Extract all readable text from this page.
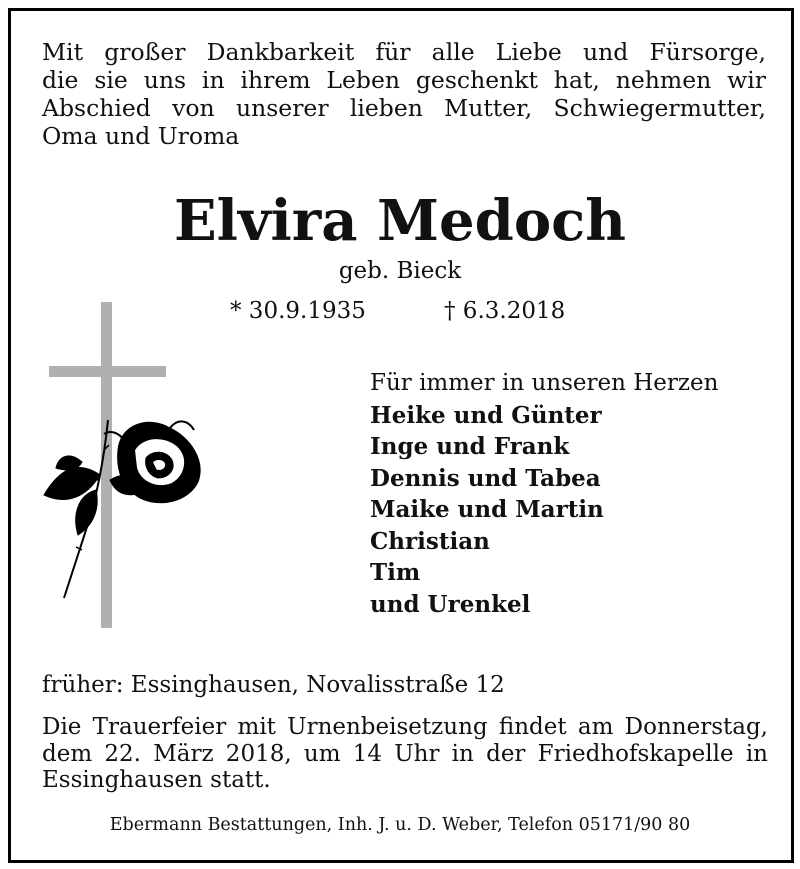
Mit großer Dankbarkeit für alle Liebe und Fürsorge,
die sie uns in ihrem Leben geschenkt hat, nehmen wir
Abschied von unserer lieben Mutter, Schwiegermutter,
Oma und Uroma
Elvira Medoch
geb. Bieck
* 30.9.1935	† 6.3.2018
Für immer in unseren Herzen
Heike und Günter
Inge und Frank
Dennis und Tabea
Maike und Martin
Christian
Tim
und Urenkel
früher: Essinghausen, Novalisstraße 12
Die Trauerfeier mit Urnenbeisetzung findet am Donnerstag,
dem 22. März 2018, um 14 Uhr in der Friedhofskapelle in
Essinghausen statt.
Ebermann Bestattungen, Inh. J. u. D. Weber, Telefon 05171/90 80
